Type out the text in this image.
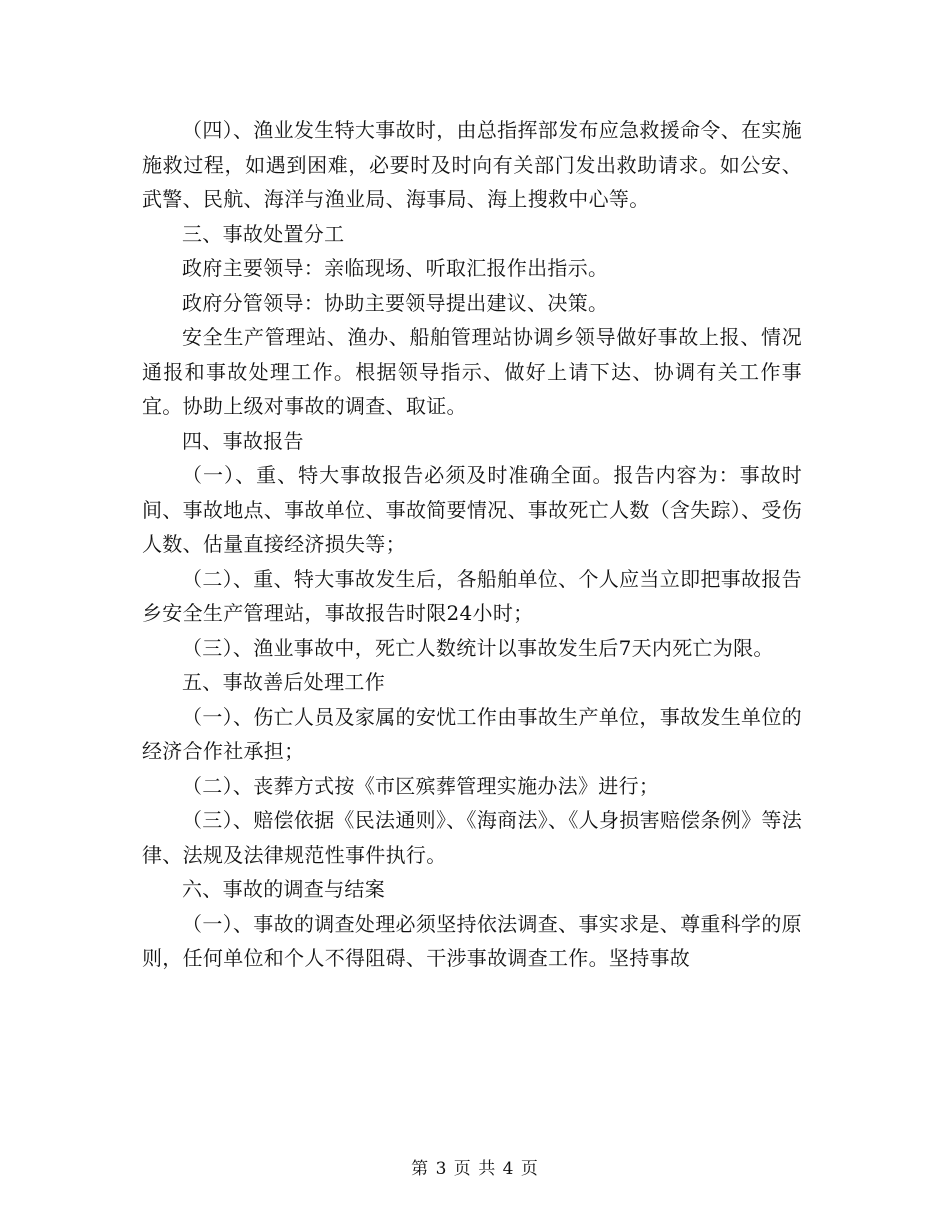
（四）、渔业发生特大事故时，由总指挥部发布应急救援命令、在实施施救过程，如遇到困难，必要时及时向有关部门发出救助请求。如公安、武警、民航、海洋与渔业局、海事局、海上搜救中心等。

三、事故处置分工

政府主要领导：亲临现场、听取汇报作出指示。

政府分管领导：协助主要领导提出建议、决策。

安全生产管理站、渔办、船舶管理站协调乡领导做好事故上报、情况通报和事故处理工作。根据领导指示、做好上请下达、协调有关工作事宜。协助上级对事故的调查、取证。

四、事故报告

（一）、重、特大事故报告必须及时准确全面。报告内容为：事故时间、事故地点、事故单位、事故简要情况、事故死亡人数（含失踪）、受伤人数、估量直接经济损失等；

（二）、重、特大事故发生后，各船舶单位、个人应当立即把事故报告乡安全生产管理站，事故报告时限24小时；

（三）、渔业事故中，死亡人数统计以事故发生后7天内死亡为限。

五、事故善后处理工作

（一）、伤亡人员及家属的安忧工作由事故生产单位，事故发生单位的经济合作社承担；

（二）、丧葬方式按《市区殡葬管理实施办法》进行；

（三）、赔偿依据《民法通则》、《海商法》、《人身损害赔偿条例》等法律、法规及法律规范性事件执行。

六、事故的调查与结案

（一）、事故的调查处理必须坚持依法调查、事实求是、尊重科学的原则，任何单位和个人不得阻碍、干涉事故调查工作。坚持事故

第 3 页 共 4 页
